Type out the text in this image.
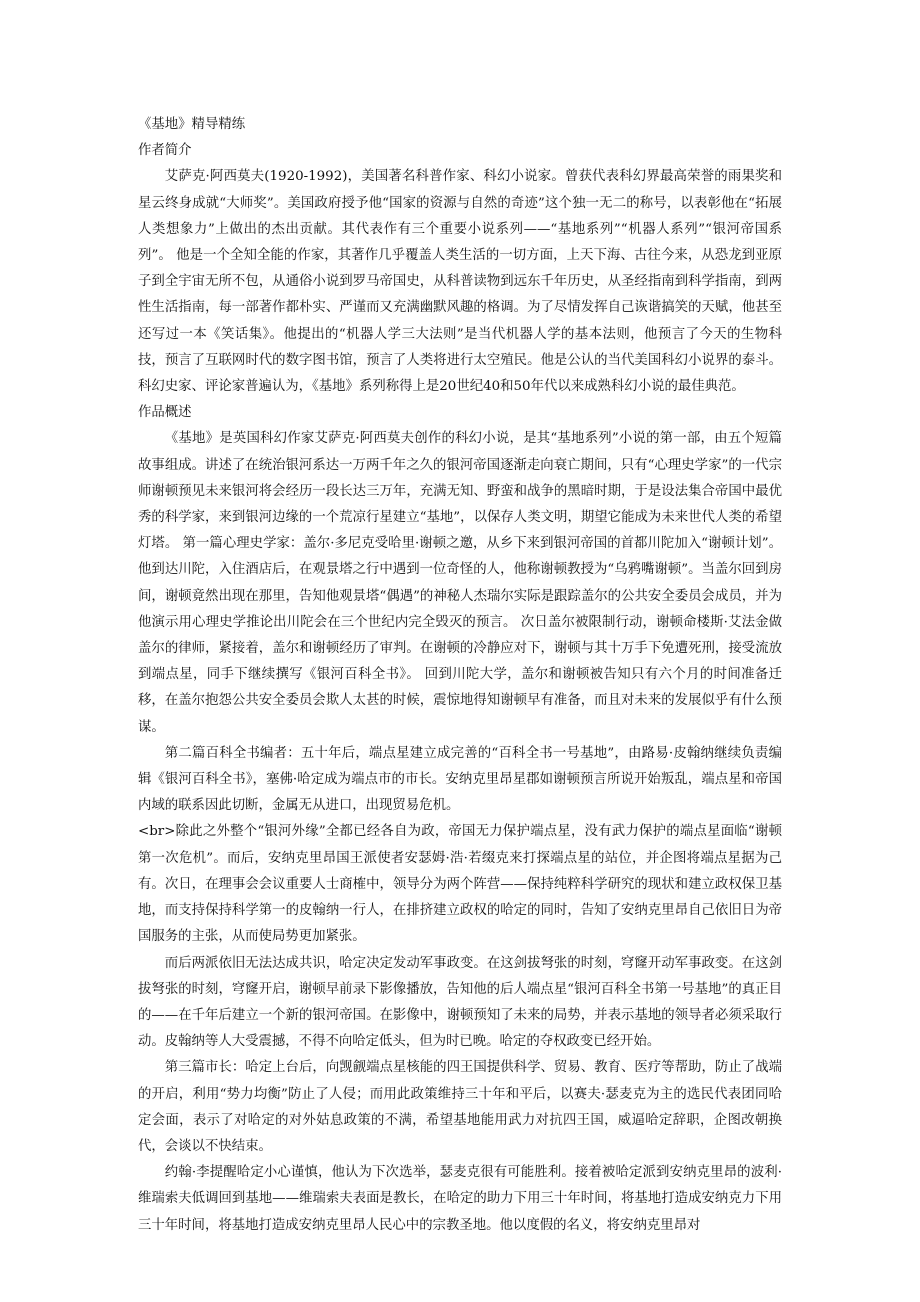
《基地》精导精练

作者简介

艾萨克·阿西莫夫(1920-1992)，美国著名科普作家、科幻小说家。曾获代表科幻界最高荣誉的雨果奖和星云终身成就“大师奖”。美国政府授予他“国家的资源与自然的奇迹”这个独一无二的称号，以表彰他在“拓展人类想象力”上做出的杰出贡献。其代表作有三个重要小说系列——“基地系列”“机器人系列”“银河帝国系列”。 他是一个全知全能的作家，其著作几乎覆盖人类生活的一切方面，上天下海、古往今来，从恐龙到亚原子到全宇宙无所不包，从通俗小说到罗马帝国史，从科普读物到远东千年历史，从圣经指南到科学指南，到两性生活指南，每一部著作都朴实、严谨而又充满幽默风趣的格调。为了尽情发挥自己诙谐搞笑的天赋，他甚至还写过一本《笑话集》。他提出的“机器人学三大法则”是当代机器人学的基本法则，他预言了今天的生物科技，预言了互联网时代的数字图书馆，预言了人类将进行太空殖民。他是公认的当代美国科幻小说界的泰斗。科幻史家、评论家普遍认为，《基地》系列称得上是20世纪40和50年代以来成熟科幻小说的最佳典范。

作品概述

《基地》是英国科幻作家艾萨克·阿西莫夫创作的科幻小说，是其“基地系列”小说的第一部，由五个短篇故事组成。讲述了在统治银河系达一万两千年之久的银河帝国逐渐走向衰亡期间，只有“心理史学家”的一代宗师谢顿预见未来银河将会经历一段长达三万年，充满无知、野蛮和战争的黑暗时期，于是设法集合帝国中最优秀的科学家，来到银河边缘的一个荒凉行星建立“基地”，以保存人类文明，期望它能成为未来世代人类的希望灯塔。 第一篇心理史学家：盖尔·多尼克受哈里·谢顿之邀，从乡下来到银河帝国的首都川陀加入“谢顿计划”。他到达川陀，入住酒店后，在观景塔之行中遇到一位奇怪的人，他称谢顿教授为“乌鸦嘴谢顿”。当盖尔回到房间，谢顿竟然出现在那里，告知他观景塔“偶遇”的神秘人杰瑞尔实际是跟踪盖尔的公共安全委员会成员，并为他演示用心理史学推论出川陀会在三个世纪内完全毁灭的预言。 次日盖尔被限制行动，谢顿命楼斯·艾法金做盖尔的律师，紧接着，盖尔和谢顿经历了审判。在谢顿的冷静应对下，谢顿与其十万手下免遭死刑，接受流放到端点星，同手下继续撰写《银河百科全书》。 回到川陀大学，盖尔和谢顿被告知只有六个月的时间准备迁移，在盖尔抱怨公共安全委员会欺人太甚的时候，震惊地得知谢顿早有准备，而且对未来的发展似乎有什么预谋。

第二篇百科全书编者：五十年后，端点星建立成完善的“百科全书一号基地”，由路易·皮翰纳继续负责编辑《银河百科全书》，塞佛·哈定成为端点市的市长。安纳克里昂星郡如谢顿预言所说开始叛乱，端点星和帝国内域的联系因此切断，金属无从进口，出现贸易危机。

<br>除此之外整个“银河外缘”全都已经各自为政，帝国无力保护端点星，没有武力保护的端点星面临“谢顿第一次危机”。而后，安纳克里昂国王派使者安瑟姆·浩·若缀克来打探端点星的站位，并企图将端点星据为己有。次日，在理事会会议重要人士商榷中，领导分为两个阵营——保持纯粹科学研究的现状和建立政权保卫基地，而支持保持科学第一的皮翰纳一行人，在排挤建立政权的哈定的同时，告知了安纳克里昂自己依旧日为帝国服务的主张，从而使局势更加紧张。

而后两派依旧无法达成共识，哈定决定发动军事政变。在这剑拔弩张的时刻，穹窿开动军事政变。在这剑拔弩张的时刻，穹窿开启，谢顿早前录下影像播放，告知他的后人端点星“银河百科全书第一号基地”的真正目的——在千年后建立一个新的银河帝国。在影像中，谢顿预知了未来的局势，并表示基地的领导者必须采取行动。皮翰纳等人大受震撼，不得不向哈定低头，但为时已晚。哈定的夺权政变已经开始。

第三篇市长：哈定上台后，向觊觎端点星核能的四王国提供科学、贸易、教育、医疗等帮助，防止了战端的开启，利用“势力均衡”防止了人侵；而用此政策维持三十年和平后，以赛夫·瑟麦克为主的选民代表团同哈定会面，表示了对哈定的对外姑息政策的不满，希望基地能用武力对抗四王国，威逼哈定辞职，企图改朝换代，会谈以不快结束。

约翰·李提醒哈定小心谨慎，他认为下次选举，瑟麦克很有可能胜利。接着被哈定派到安纳克里昂的波利·维瑞索夫低调回到基地——维瑞索夫表面是教长，在哈定的助力下用三十年时间，将基地打造成安纳克力下用三十年时间，将基地打造成安纳克里昂人民心中的宗教圣地。他以度假的名义，将安纳克里昂对
